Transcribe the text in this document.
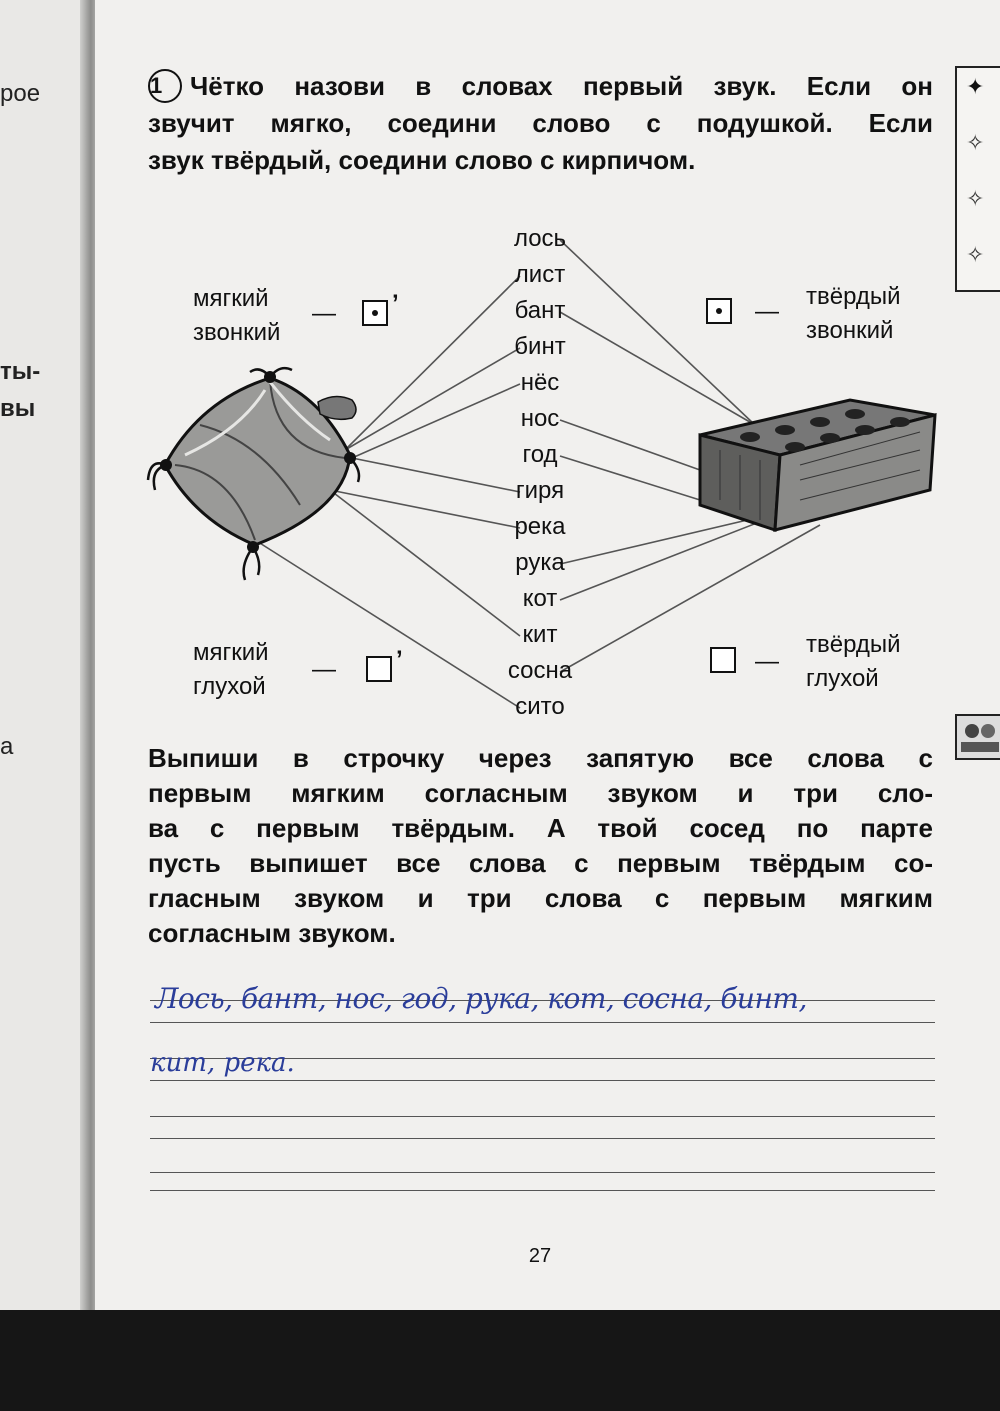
рое
ты-
вы
а
✦
✧
✧
✧
1 Чётко назови в словах первый звук. Если он
звучит мягко, соедини слово с подушкой. Если
звук твёрдый, соедини слово с кирпичом.
лось
лист
бант
бинт
нёс
нос
год
гиря
река
рука
кот
кит
сосна
сито
мягкий
звонкий
— ’
мягкий
глухой
—	’
—
твёрдый
звонкий
—
твёрдый
глухой
Выпиши в строчку через запятую все слова с
первым мягким согласным звуком и три сло-
ва с первым твёрдым. А твой сосед по парте
пусть выпишет все слова с первым твёрдым со-
гласным звуком и три слова с первым мягким
согласным звуком.
Лось, бант, нос, год, рука, кот, сосна, бинт,
кит, река.
27
